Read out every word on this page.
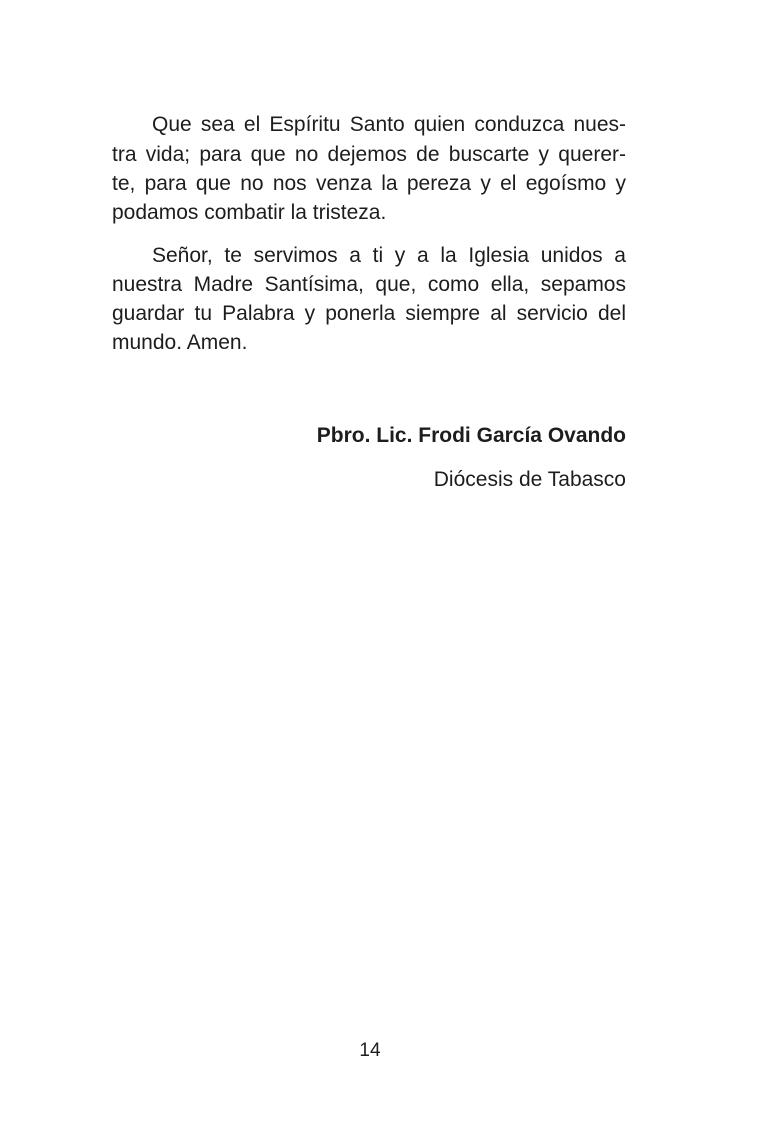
Que sea el Espíritu Santo quien conduzca nues-
tra vida; para que no dejemos de buscarte y querer-
te, para que no nos venza la pereza y el egoísmo y
podamos combatir la tristeza.
Señor, te servimos a ti y a la Iglesia unidos a
nuestra Madre Santísima, que, como ella, sepamos
guardar tu Palabra y ponerla siempre al servicio del
mundo. Amen.
Pbro. Lic. Frodi García Ovando
Diócesis de Tabasco
14
